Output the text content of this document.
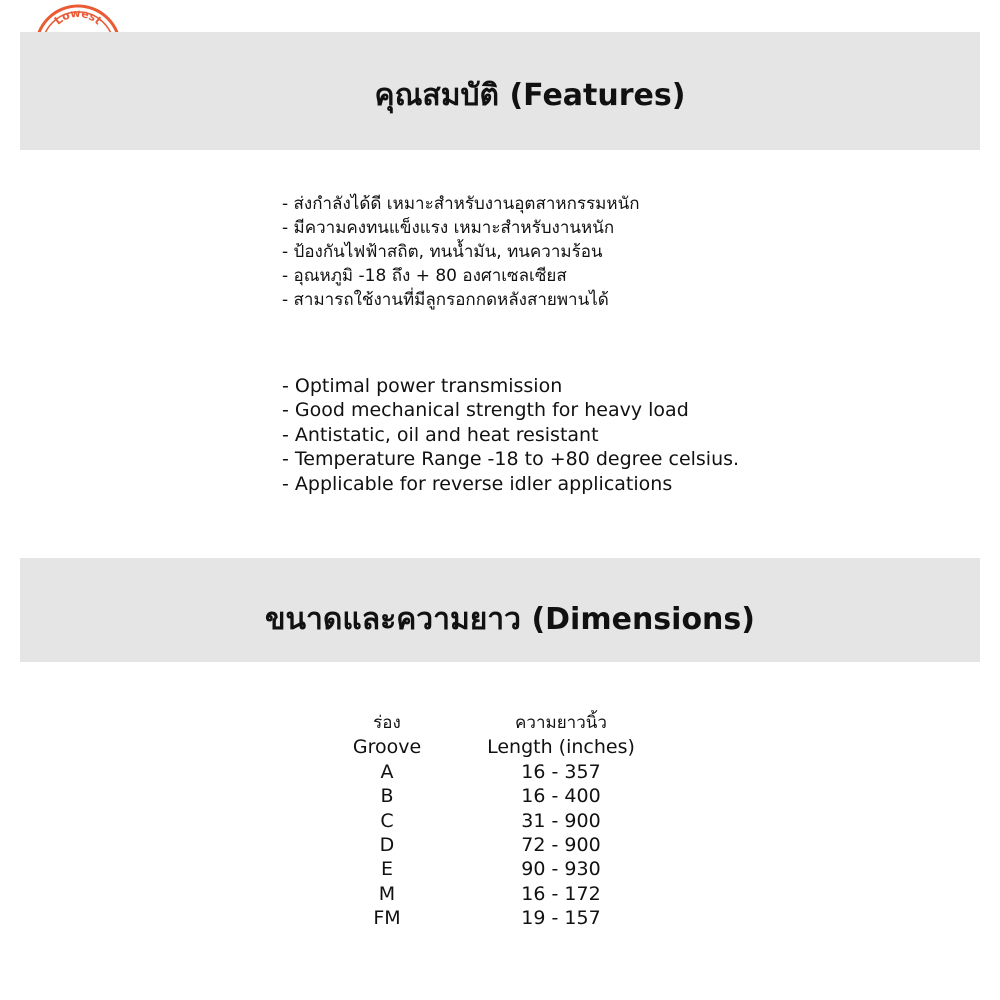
Lowest
คุณสมบัติ (Features)
- ส่งกำลังได้ดี เหมาะสำหรับงานอุตสาหกรรมหนัก
- มีความคงทนแข็งแรง เหมาะสำหรับงานหนัก
- ป้องกันไฟฟ้าสถิต, ทนน้ำมัน, ทนความร้อน
- อุณหภูมิ -18 ถึง + 80 องศาเซลเซียส
- สามารถใช้งานที่มีลูกรอกกดหลังสายพานได้
- Optimal power transmission
- Good mechanical strength for heavy load
- Antistatic, oil and heat resistant
- Temperature Range -18 to +80 degree celsius.
- Applicable for reverse idler applications
ขนาดและความยาว (Dimensions)
ร่อง	ความยาวนิ้ว
Groove	Length (inches)
A	16 - 357
B	16 - 400
C	31 - 900
D	72 - 900
E	90 - 930
M	16 - 172
FM	19 - 157
